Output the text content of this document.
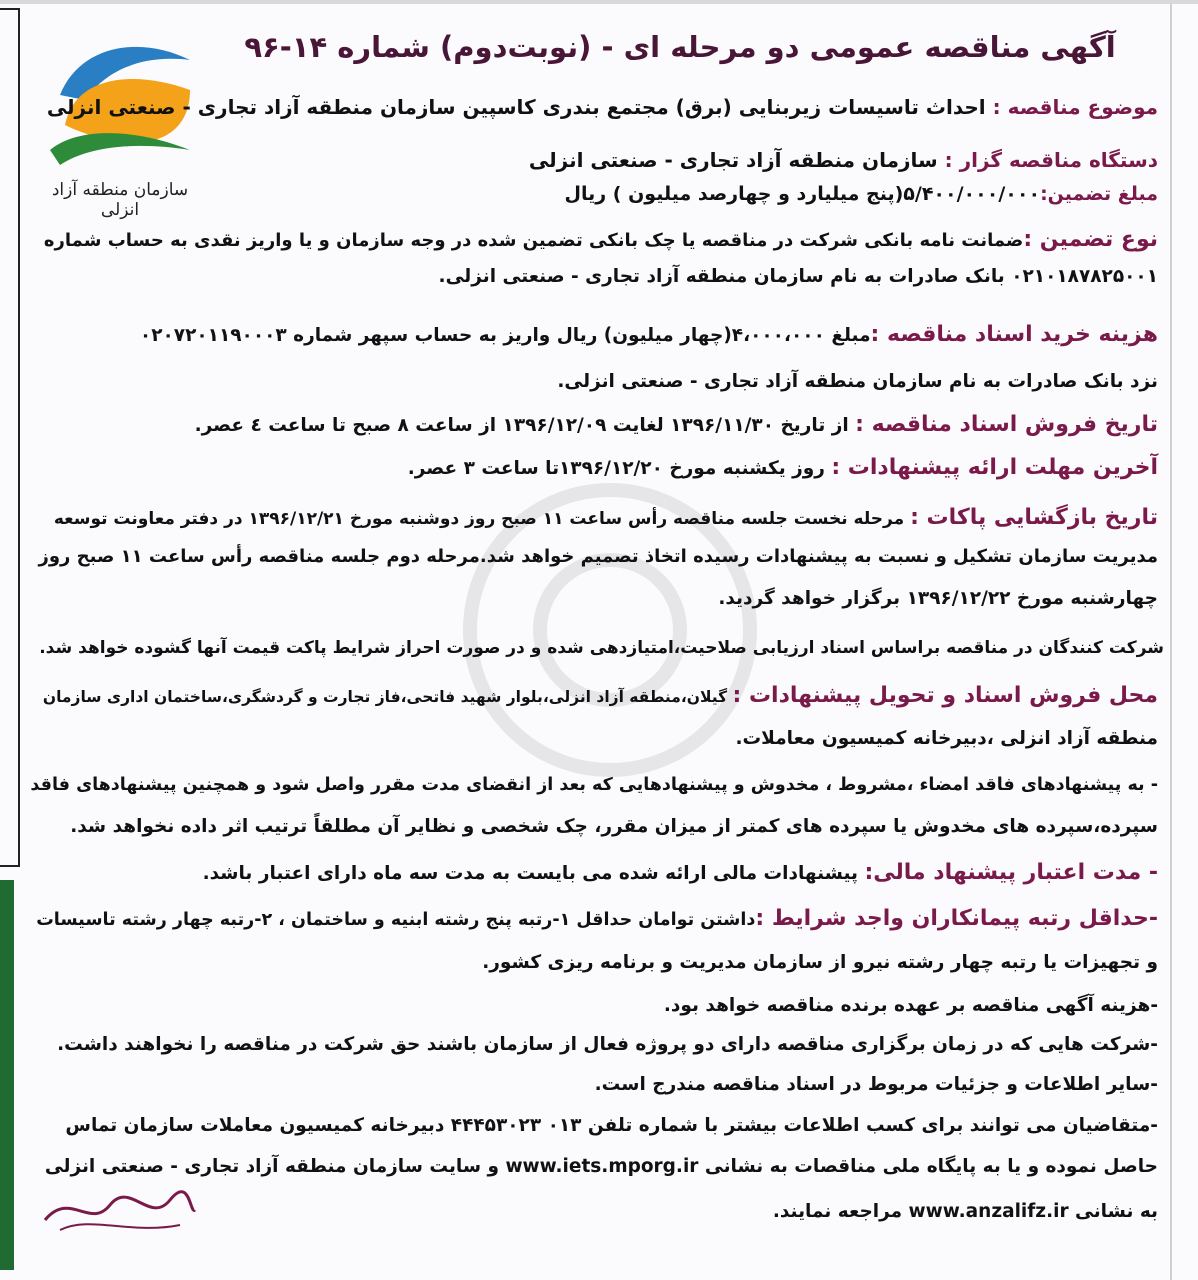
سازمان منطقه آزاد انزلی
آگهی مناقصه عمومی دو مرحله ای - (نوبت‌دوم) شماره ۱۴-۹۶
موضوع مناقصه : احداث تاسیسات زیربنایی (برق) مجتمع بندری کاسپین سازمان منطقه آزاد تجاری - صنعتی انزلی
دستگاه مناقصه گزار : سازمان منطقه آزاد تجاری - صنعتی انزلی
مبلغ تضمین:۵/۴۰۰/۰۰۰/۰۰۰(پنج میلیارد و چهارصد میلیون ) ریال
نوع تضمین :ضمانت نامه بانکی شرکت در مناقصه یا چک بانکی تضمین شده در وجه سازمان و یا واریز نقدی به حساب شماره
۰۲۱۰۱۸۷۸۲۵۰۰۱ بانک صادرات به نام سازمان منطقه آزاد تجاری - صنعتی انزلی.
هزینه خرید اسناد مناقصه :مبلغ ۴،۰۰۰،۰۰۰(چهار میلیون) ریال واریز به حساب سپهر شماره ۰۲۰۷۲۰۱۱۹۰۰۰۳
نزد بانک صادرات به نام سازمان منطقه آزاد تجاری - صنعتی انزلی.
تاریخ فروش اسناد مناقصه : از تاریخ ۱۳۹۶/۱۱/۳۰ لغایت ۱۳۹۶/۱۲/۰۹ از ساعت ۸ صبح تا ساعت ٤ عصر.
آخرین مهلت ارائه پیشنهادات : روز یکشنبه مورخ ۱۳۹۶/۱۲/۲۰تا ساعت ۳ عصر.
تاریخ بازگشایی پاکات : مرحله نخست جلسه مناقصه رأس ساعت ۱۱ صبح روز دوشنبه مورخ ۱۳۹۶/۱۲/۲۱ در دفتر معاونت توسعه
مدیریت سازمان تشکیل و نسبت به پیشنهادات رسیده اتخاذ تصمیم خواهد شد.مرحله دوم جلسه مناقصه رأس ساعت ۱۱ صبح روز
چهارشنبه مورخ ۱۳۹۶/۱۲/۲۲ برگزار خواهد گردید.
شرکت کنندگان در مناقصه براساس اسناد ارزیابی صلاحیت،امتیازدهی شده و در صورت احراز شرایط پاکت قیمت آنها گشوده خواهد شد.
محل فروش اسناد و تحویل پیشنهادات : گیلان،منطقه آزاد انزلی،بلوار شهید فاتحی،فاز تجارت و گردشگری،ساختمان اداری سازمان
منطقه آزاد انزلی ،دبیرخانه کمیسیون معاملات.
- به پیشنهادهای فاقد امضاء ،مشروط ، مخدوش و پیشنهادهایی که بعد از انقضای مدت مقرر واصل شود و همچنین پیشنهادهای فاقد
سپرده،سپرده های مخدوش یا سپرده های کمتر از میزان مقرر، چک شخصی و نظایر آن مطلقاً ترتیب اثر داده نخواهد شد.
- مدت اعتبار پیشنهاد مالی: پیشنهادات مالی ارائه شده می بایست به مدت سه ماه دارای اعتبار باشد.
-حداقل رتبه پیمانکاران واجد شرایط :داشتن توامان حداقل ۱-رتبه پنج رشته ابنیه و ساختمان ، ۲-رتبه چهار رشته تاسیسات
و تجهیزات یا رتبه چهار رشته نیرو از سازمان مدیریت و برنامه ریزی کشور.
-هزینه آگهی مناقصه بر عهده برنده مناقصه خواهد بود.
-شرکت هایی که در زمان برگزاری مناقصه دارای دو پروژه فعال از سازمان باشند حق شرکت در مناقصه را نخواهند داشت.
-سایر اطلاعات و جزئیات مربوط در اسناد مناقصه مندرج است.
-متقاضیان می توانند برای کسب اطلاعات بیشتر با شماره تلفن ۰۱۳ ۴۴۴۵۳۰۲۳ دبیرخانه کمیسیون معاملات سازمان تماس
حاصل نموده و یا به پایگاه ملی مناقصات به نشانی www.iets.mporg.ir و سایت سازمان منطقه آزاد تجاری - صنعتی انزلی
به نشانی www.anzalifz.ir مراجعه نمایند.
